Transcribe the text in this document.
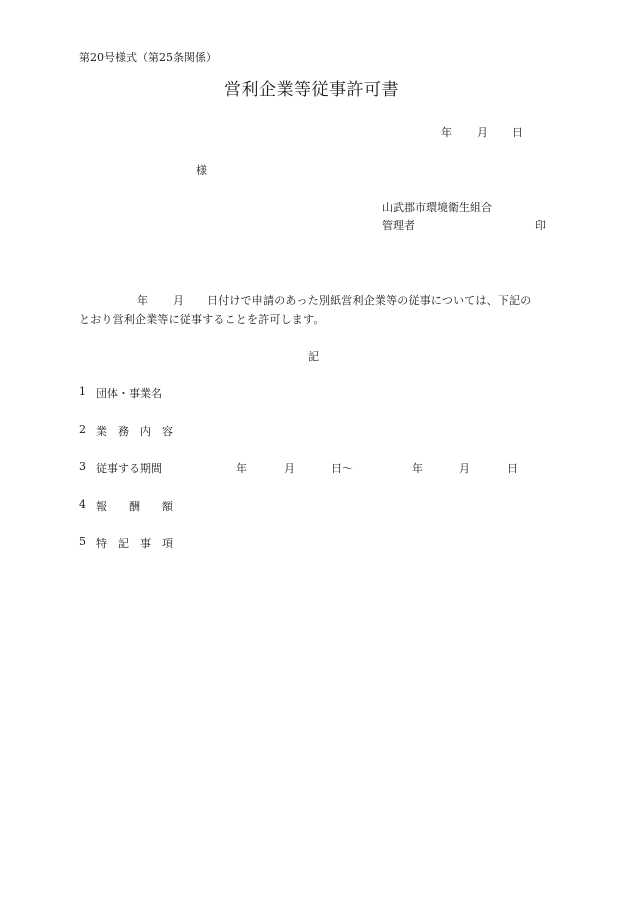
第20号様式（第25条関係）
営利企業等従事許可書
年 月 日
様
山武郡市環境衛生組合
管理者	印
年 月 日付けで申請のあった別紙営利企業等の従事については、下記の
とおり営利企業等に従事することを許可します。
記
1 団体・事業名
2 業　務　内　容
3 従事する期間	年	月	日～	年	月	日
4 報　　酬　　額
5 特　記　事　項
